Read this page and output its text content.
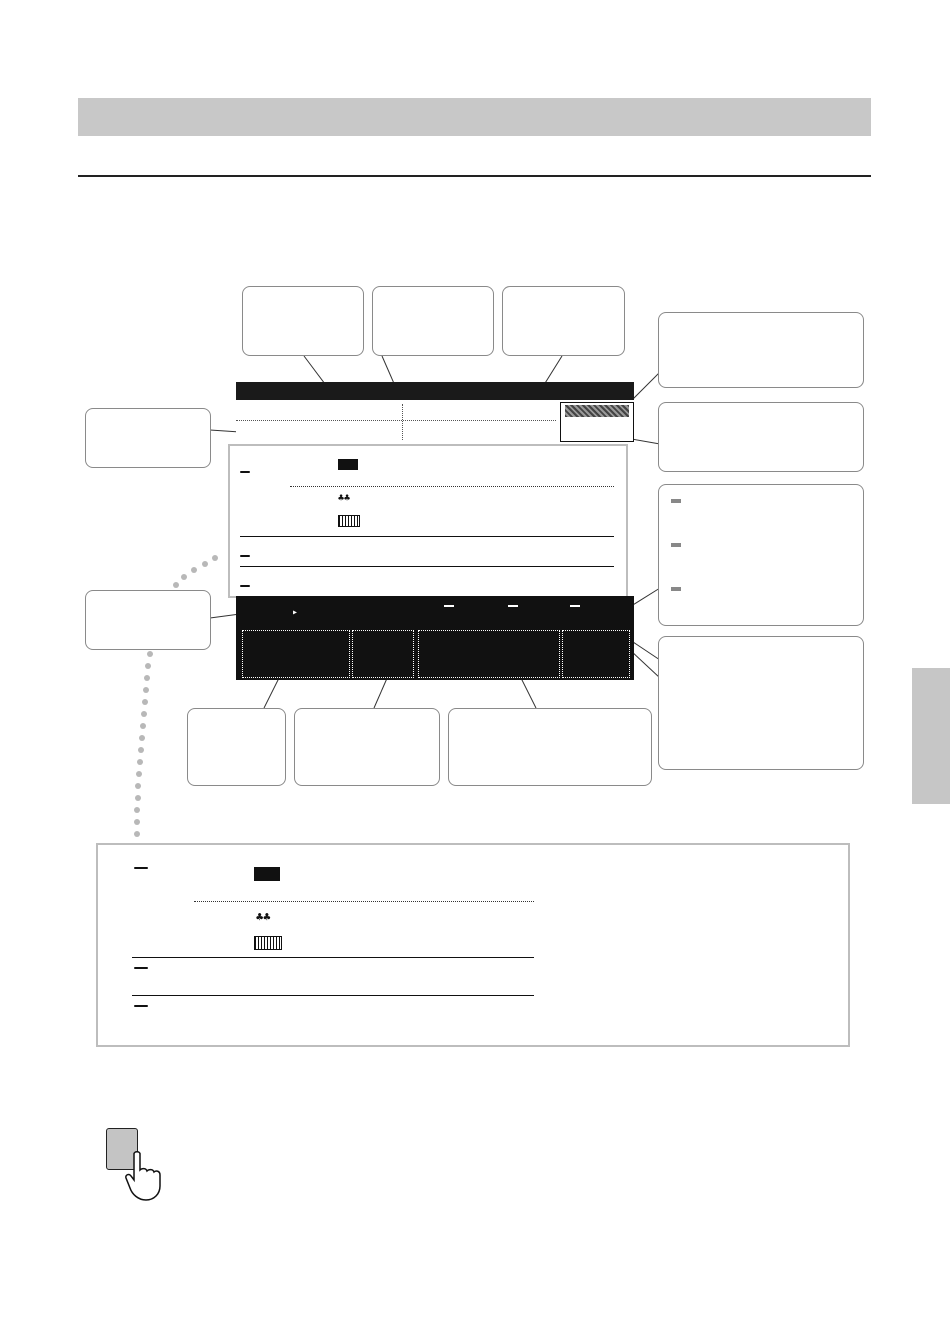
♣♣
▸
♣♣
